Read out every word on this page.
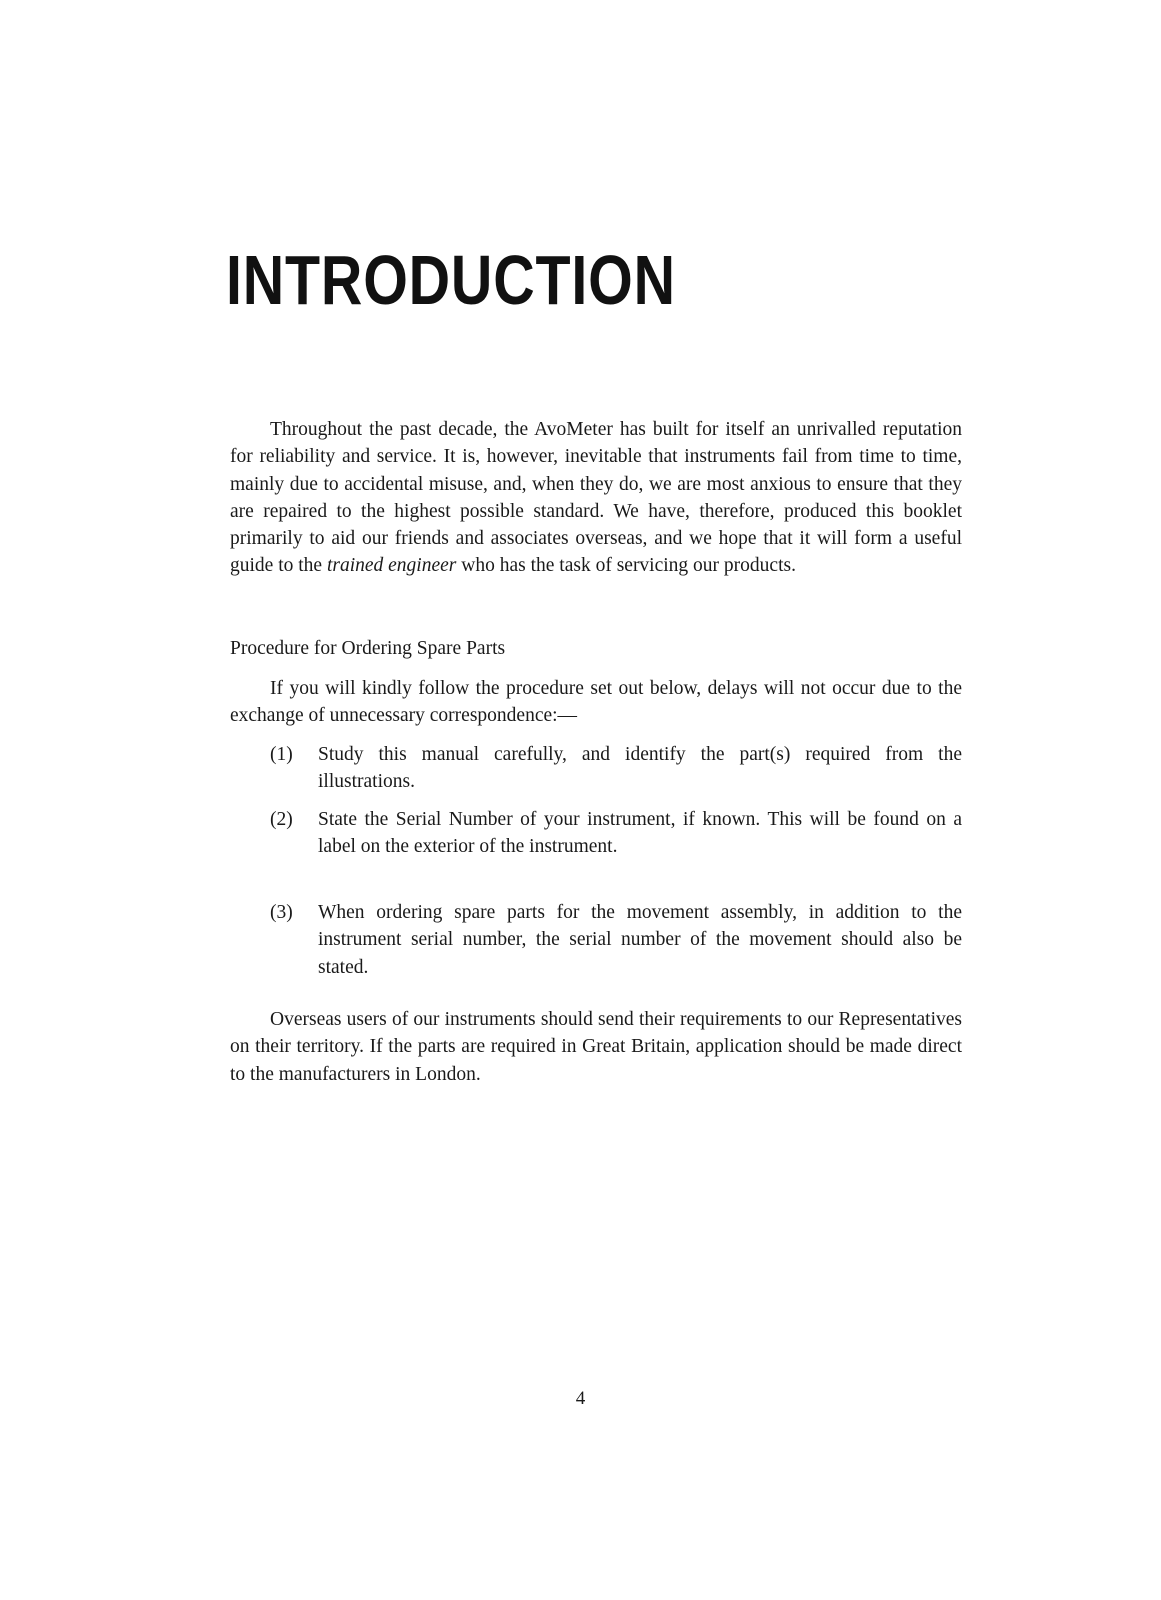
INTRODUCTION

Throughout the past decade, the AvoMeter has built for itself an unrivalled reputation for reliability and service. It is, however, inevitable that instruments fail from time to time, mainly due to accidental misuse, and, when they do, we are most anxious to ensure that they are repaired to the highest possible standard. We have, therefore, produced this booklet primarily to aid our friends and associates overseas, and we hope that it will form a useful guide to the trained engineer who has the task of servicing our products.

Procedure for Ordering Spare Parts

If you will kindly follow the procedure set out below, delays will not occur due to the exchange of unnecessary correspondence:—

(1)	Study this manual carefully, and identify the part(s) required from the illustrations.
(2)	State the Serial Number of your instrument, if known. This will be found on a label on the exterior of the instrument.
(3)	When ordering spare parts for the movement assembly, in addition to the instrument serial number, the serial number of the movement should also be stated.

Overseas users of our instruments should send their requirements to our Representatives on their territory. If the parts are required in Great Britain, application should be made direct to the manufacturers in London.

4
